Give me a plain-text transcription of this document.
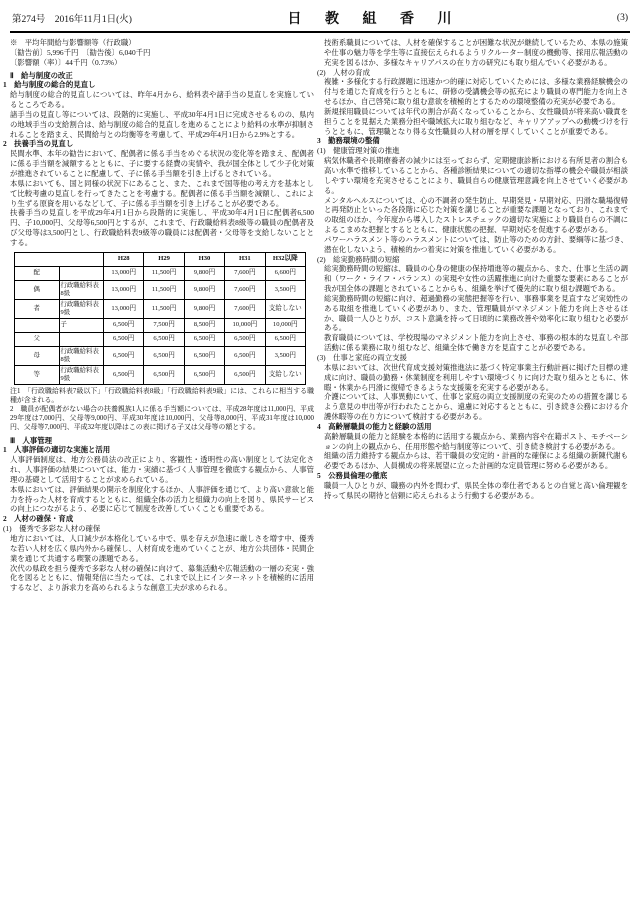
第274号　2016年11月1日(火)	日 教 組 香 川	(3)

※　平均年間給与影響額等（行政職）

〔勧告前〕5,996千円　〔勧告後〕6,040千円

〔影響額（率）〕44千円（0.73%）

Ⅱ　給与制度の改正

1　給与制度の総合的見直し

給与制度の総合的見直しについては、昨年4月から、給料表や諸手当の見直しを実施しているところである。

諸手当の見直し等については、段階的に実施し、平成30年4月1日に完成させるものの、県内の地域手当の支給割合は、給与制度の総合的見直しを進めることにより給料の水準が抑制されることを踏まえ、民間給与との均衡等を考慮して、平成29年4月1日から2.9%とする。

2　扶養手当の見直し

民間水準、本年の勧告において、配偶者に係る手当をめぐる状況の変化等を踏まえ、配偶者に係る手当額を減額するとともに、子に要する経費の実情や、我が国全体として少子化対策が推進されていることに配慮して、子に係る手当額を引き上げるとされている。

本県においても、国と同様の状況下にあること、また、これまで国等他の考え方を基本として比較考慮の見直しを行ってきたことを考慮する。配偶者に係る手当額を減額し、これにより生ずる原資を用いるなどして、子に係る手当額を引き上げることが必要である。

扶養手当の見直しを平成29年4月1日から段階的に実施し、平成30年4月1日に配偶者6,500円、子10,000円、父母等6,500円とするが、これまで、行政職給料表8級等の職員の配偶者及び父母等は3,500円とし、行政職給料表9級等の職員には配偶者・父母等を支給しないこととする。

		H28	H29	H30	H31	H32以降
配		13,000円	11,500円	9,800円	7,600円	6,600円
偶	行政職給料表8級	13,000円	11,500円	9,800円	7,600円	3,500円
者	行政職給料表9級	13,000円	11,500円	9,800円	7,600円	支給しない
	子	6,500円	7,500円	8,500円	10,000円	10,000円
父		6,500円	6,500円	6,500円	6,500円	6,500円
母	行政職給料表8級	6,500円	6,500円	6,500円	6,500円	3,500円
等	行政職給料表9級	6,500円	6,500円	6,500円	6,500円	支給しない

注1　「行政職給料表7級以下」「行政職給料表8級」「行政職給料表9級」には、これらに相当する職種が含まれる。

2　職員が配偶者がない場合の扶養親族1人に係る手当額については、平成28年度は11,000円、平成29年度は7,000円、父母等9,000円、平成30年度は10,000円、父母等8,000円、平成31年度は10,000円、父母等7,000円、平成32年度以降はこの表に掲げる子又は父母等の額とする。

Ⅲ　人事管理

1　人事評価の適切な実施と活用

人事評価制度は、地方公務員法の改正により、客観性・透明性の高い制度として法定化され、人事評価の結果については、能力・実績に基づく人事管理を徹底する観点から、人事管理の基礎として活用することが求められている。

本県においては、評価結果の開示を制度化するほか、人事評価を通じて、より高い意欲と能力を持った人材を育成するとともに、組織全体の活力と組織力の向上を図り、県民サービスの向上につながるよう、必要に応じて制度を改善していくことも重要である。

2　人材の確保・育成

(1)　優秀で多彩な人材の確保

地方においては、人口減少が本格化している中で、県を存えが急速に厳しさを増す中、優秀な若い人材を広く県内外から確保し、人材育成を進めていくことが、地方公共団体・民間企業を通じて共通する喫緊の課題である。

次代の県政を担う優秀で多彩な人材の確保に向けて、募集活動や広報活動の一層の充実・強化を図るとともに、情報発信に当たっては、これまで以上にインターネットを積極的に活用するなど、より訴求力を高められるような創意工夫が求められる。

技術系職員については、人材を確保することが困難な状況が継続しているため、本県の施策や仕事の魅力等を学生等に直接伝えられるようリクルーター制度の機動等、採用広報活動の充実を図るほか、多様なキャリアパスの在り方の研究にも取り組んでいく必要がある。

(2)　人材の育成

複雑・多様化する行政課題に迅速かつ的確に対応していくためには、多様な業務経験機会の付与を通じた育成を行うとともに、研修の受講機会等の拡充により職員の専門能力を向上させるほか、自己啓発に取り組む意欲を積極的とするための環境整備の充実が必要である。

新規採用職員については年代の割合が高くなっていることから、女性職員が将来高い職責を担うことを見据えた業務分担や職域拡大に取り組むなど、キャリアアップへの動機づけを行うとともに、管理職となり得る女性職員の人材の層を厚くしていくことが重要である。

3　勤務環境の整備

(1)　健康管理対策の推進

病気休職者や長期療養者の減少には至っておらず、定期健康診断における有所見者の割合も高い水準で推移していることから、各種診断結果についての適切な指導の機会や職員が相談しやすい環境を充実させることにより、職員自らの健康管理意識を向上させていく必要がある。

メンタルヘルスについては、心の不調者の発生防止、早期発見・早期対応、円滑な職場復帰と再発防止といった各段階に応じた対策を講じることが重要な課題となっており、これまでの取組のほか、今年度から導入したストレスチェックの適切な実施により職員自らの不調によるこまめな把握とするとともに、健康状態の把握、早期対応を促進する必要がある。

パワーハラスメント等のハラスメントについては、防止等のための方針、要綱等に基づき、潜在化しないよう、積極的かつ着実に対策を推進していく必要がある。

(2)　総実勤務時間の短縮

総実勤務時間の短縮は、職員の心身の健康の保持増進等の観点から、また、仕事と生活の調和（ワーク・ライフ・バランス）の実現や女性の活躍推進に向けた重要な要素にあることが我が国全体の課題とされていることからも、組織を挙げて優先的に取り組む課題である。

総実勤務時間の短縮に向け、超過勤務の実態把握等を行い、事務事業を見直すなど実効性のある取組を推進していく必要があり、また、管理職員がマネジメント能力を向上させるほか、職員一人ひとりが、コスト意識を持って日頃的に業務改善や効率化に取り組むと必要がある。

教育職員については、学校現場のマネジメント能力を向上させ、事務の根本的な見直しや部活動に係る業務に取り組むなど、組織全体で働き方を見直すことが必要である。

(3)　仕事と家庭の両立支援

本県においては、次世代育成支援対策推進法に基づく特定事業主行動計画に掲げた目標の達成に向け、職員の勤務・休業制度を利用しやすい環境づくりに向けた取り組みとともに、休暇・休業から円滑に復帰できるような支援策を充実する必要がある。

介護については、人事異動にいて、仕事と家庭の両立支援制度の充実のための措置を講じるよう意見の申出等が行われたことから、遠慮に対応するとともに、引き続き公務における介護休暇等の在り方について検討する必要がある。

4　高齢層職員の能力と経験の活用

高齢層職員の能力と経験を本格的に活用する観点から、業務内容や在籍ポスト、モチベーションの向上の観点から、任用形態や給与制度等について、引き続き検討する必要がある。

組織の活力維持する観点からは、若干職員の安定的・計画的な確保による組織の新陳代謝も必要であるほか、人員構成の将来展望に立った計画的な定員管理に努める必要がある。

5　公務員倫理の徹底

職員一人ひとりが、職務の内外を問わず、県民全体の奉仕者であるとの自覚と高い倫理観を持って県民の期待と信頼に応えられるよう行動する必要がある。
